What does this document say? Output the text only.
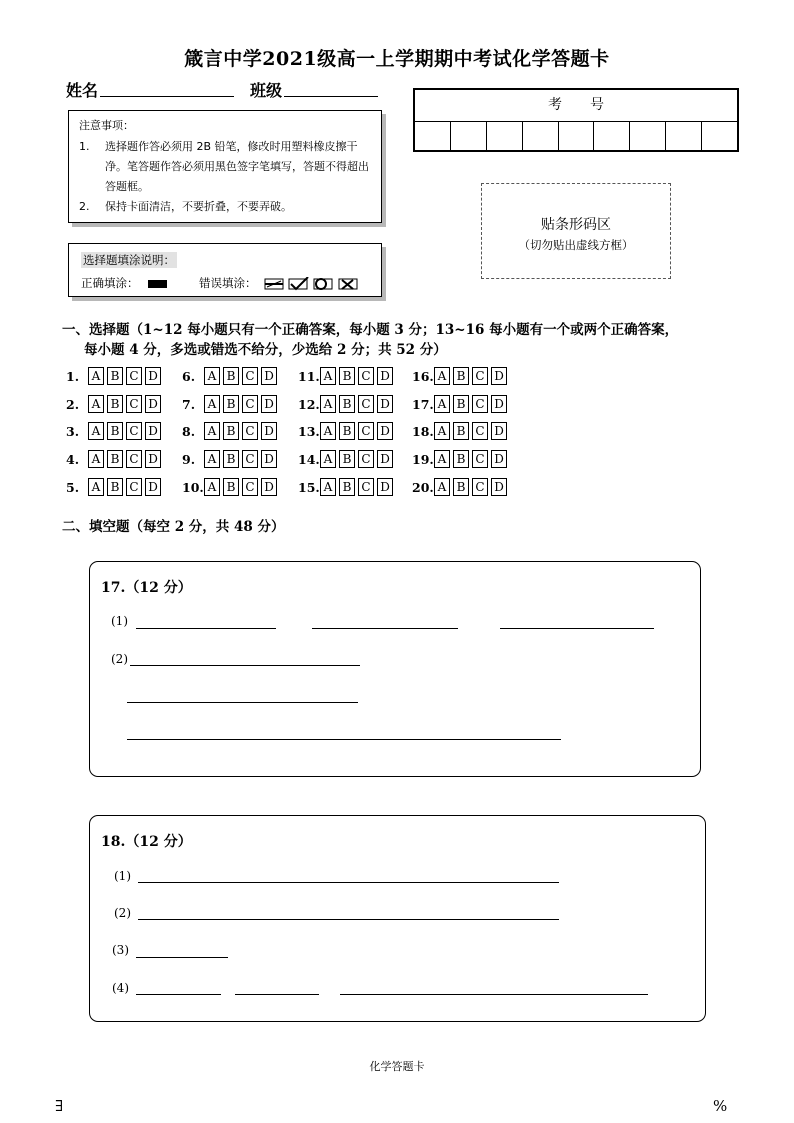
箴言中学2021级高一上学期期中考试化学答题卡
姓名	班级
注意事项：
1. 选择题作答必须用 2B 铅笔，修改时用塑料橡皮擦干净。笔答题作答必须用黑色签字笔填写，答题不得超出答题框。
2. 保持卡面清洁，不要折叠，不要弄破。
选择题填涂说明：
正确填涂：	错误填涂：
考　　号
贴条形码区
（切勿贴出虚线方框）
一、选择题（1~12 每小题只有一个正确答案，每小题 3 分；13~16 每小题有一个或两个正确答案，
每小题 4 分，多选或错选不给分，少选给 2 分；共 52 分）
1.	A B C D
2.	A B C D
3.	A B C D
4.	A B C D
5.	A B C D
6.	A B C D
7.	A B C D
8.	A B C D
9.	A B C D
10. A B C D
11. A B C D
12. A B C D
13. A B C D
14. A B C D
15. A B C D
16. A B C D
17. A B C D
18. A B C D
19. A B C D
20. A B C D
二、填空题（每空 2 分，共 48 分）
17.（12 分）
(1)
(2)
18.（12 分）
(1)
(2)
(3)
(4)
化学答题卡
∃	%
